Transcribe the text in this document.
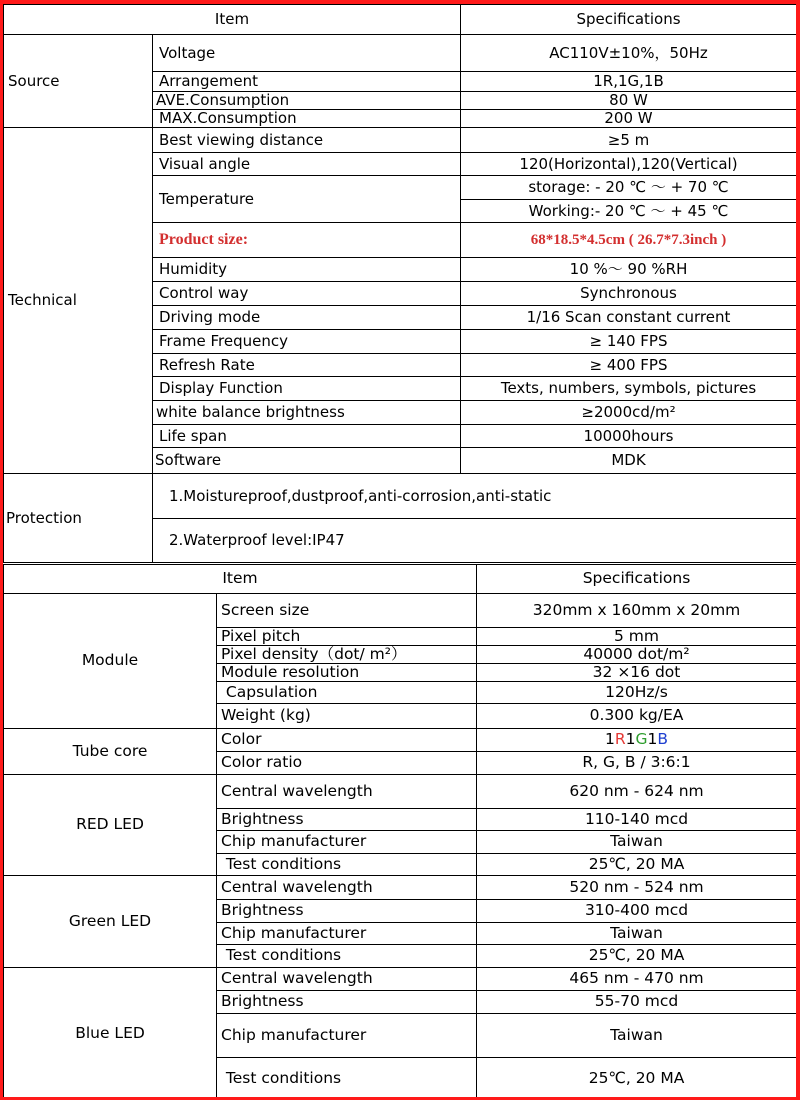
Item		Specifications
Source	Voltage	AC110V±10%，50Hz
	Arrangement	1R,1G,1B
	AVE.Consumption	80 W
	MAX.Consumption	200 W
Technical	Best viewing distance	≥5 m
	Visual angle	120(Horizontal),120(Vertical)
	Temperature	storage: - 20 ℃ ～ + 70 ℃
		Working:- 20 ℃ ～ + 45 ℃
	Product size:	68*18.5*4.5cm ( 26.7*7.3inch )
	Humidity	10 %～ 90 %RH
	Control way	Synchronous
	Driving mode	1/16 Scan constant current
	Frame Frequency	≥ 140 FPS
	Refresh Rate	≥ 400 FPS
	Display Function	Texts, numbers, symbols, pictures
	white balance brightness	≥2000cd/m²
	Life span	10000hours
	Software	MDK
Protection	1.Moistureproof,dustproof,anti-corrosion,anti-static	
	2.Waterproof level:IP47	
Item		Specifications
Module	Screen size	320mm x 160mm x 20mm
	Pixel pitch	5 mm
	Pixel density（dot/ m²）	40000 dot/m²
	Module resolution	32 ×16 dot
	Capsulation	120Hz/s
	Weight (kg)	0.300 kg/EA
Tube core	Color	1R1G1B
	Color ratio	R, G, B / 3:6:1
RED LED	Central wavelength	620 nm - 624 nm
	Brightness	110-140 mcd
	Chip manufacturer	Taiwan
	Test conditions	25℃, 20 MA
Green LED	Central wavelength	520 nm - 524 nm
	Brightness	310-400 mcd
	Chip manufacturer	Taiwan
	Test conditions	25℃, 20 MA
Blue LED	Central wavelength	465 nm - 470 nm
	Brightness	55-70 mcd
	Chip manufacturer	Taiwan
	Test conditions	25℃, 20 MA
